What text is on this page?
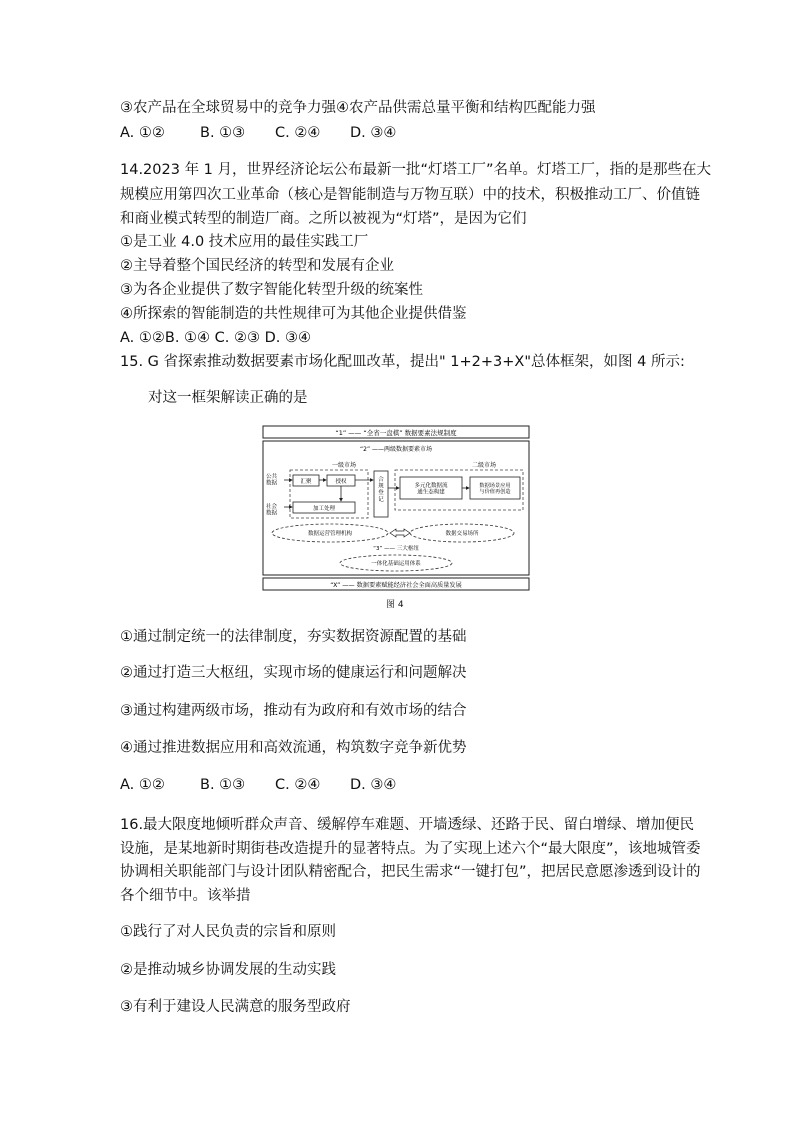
③农产品在全球贸易中的竞争力强④农产品供需总量平衡和结构匹配能力强
A. ①② B. ①③ C. ②④ D. ③④
14.2023 年 1 月，世界经济论坛公布最新一批“灯塔工厂”名单。灯塔工厂，指的是那些在大
规模应用第四次工业革命（核心是智能制造与万物互联）中的技术，积极推动工厂、价值链
和商业模式转型的制造厂商。之所以被视为“灯塔”，是因为它们
①是工业 4.0 技术应用的最佳实践工厂
②主导着整个国民经济的转型和发展有企业
③为各企业提供了数字智能化转型升级的统案性
④所探索的智能制造的共性规律可为其他企业提供借鉴
A. ①②B. ①④ C. ②③ D. ③④
15. G 省探索推动数据要素市场化配皿改革，提出" 1+2+3+X"总体框架，如图 4 所示:
对这一框架解读正确的是
“1” —— “全省一盘棋” 数据要素法规制度
“2” ——两级数据要素市场
一级市场	二级市场
公共数据
社会数据
汇聚	授权
加工处理
合规登记
多元化数据流通生态构建
数据场景应用与价值再创造
数据运营管理机构	数据交易场所
“3” —— 三大枢纽
一体化基础运用体系
“X” —— 数据要素赋能经济社会全面高质量发展
图 4
①通过制定统一的法律制度，夯实数据资源配置的基础
②通过打造三大枢纽，实现市场的健康运行和问题解决
③通过构建两级市场，推动有为政府和有效市场的结合
④通过推进数据应用和高效流通，构筑数字竞争新优势
A. ①② B. ①③ C. ②④ D. ③④
16.最大限度地倾听群众声音、缓解停车难题、开墙透绿、还路于民、留白增绿、增加便民
设施，是某地新时期街巷改造提升的显著特点。为了实现上述六个“最大限度”，该地城管委
协调相关职能部门与设计团队精密配合，把民生需求“一键打包”，把居民意愿渗透到设计的
各个细节中。该举措
①践行了对人民负责的宗旨和原则
②是推动城乡协调发展的生动实践
③有利于建设人民满意的服务型政府
